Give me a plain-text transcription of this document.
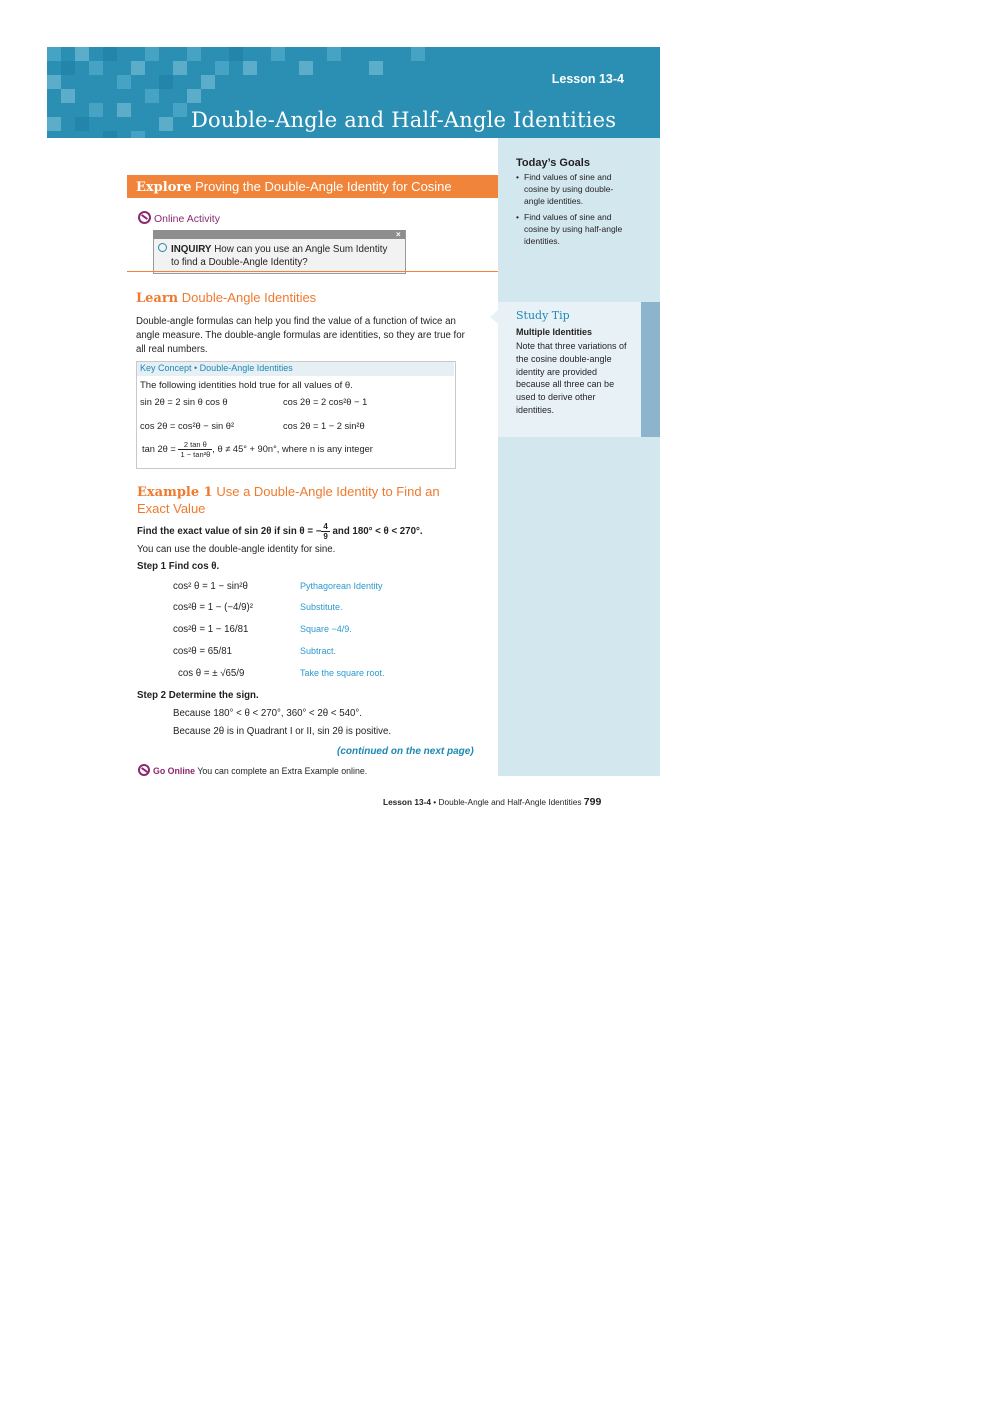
Lesson 13-4
Double-Angle and Half-Angle Identities
Today’s Goals
• Find values of sine and cosine by using double-angle identities.
• Find values of sine and cosine by using half-angle identities.
Study Tip
Multiple Identities
Note that three variations of the cosine double-angle identity are provided because all three can be used to derive other identities.
Explore Proving the Double-Angle Identity for Cosine
Online Activity
×
INQUIRY How can you use an Angle Sum Identity to find a Double-Angle Identity?
Learn Double-Angle Identities
Double-angle formulas can help you find the value of a function of twice an angle measure. The double-angle formulas are identities, so they are true for all real numbers.
Key Concept • Double-Angle Identities
The following identities hold true for all values of θ.
sin 2θ = 2 sin θ cos θ	cos 2θ = 2 cos²θ − 1
cos 2θ = cos²θ − sin θ²	cos 2θ = 1 − 2 sin²θ
$\tan 2\theta = \frac{\text{2 tan θ}}{\text{1 − tan²θ}}$ , θ ≠ 45° + 90n°, where n is any integer
Example 1 Use a Double-Angle Identity to Find an Exact Value
Find the exact value of sin 2θ if sin θ = − $\frac{4}{9}$ and 180° < θ < 270°.
You can use the double-angle identity for sine.
Step 1 Find cos θ.
cos² θ = 1 − sin²θ	Pythagorean Identity
cos²θ = 1 − (−4/9)²	Substitute.
cos²θ = 1 − 16/81	Square −4/9.
cos²θ = 65/81	Subtract.
cos θ = ± √65/9	Take the square root.
Step 2 Determine the sign.
Because 180° < θ < 270°, 360° < 2θ < 540°.
Because 2θ is in Quadrant I or II, sin 2θ is positive.
(continued on the next page)
Go Online You can complete an Extra Example online.
Lesson 13-4 • Double-Angle and Half-Angle Identities 799
